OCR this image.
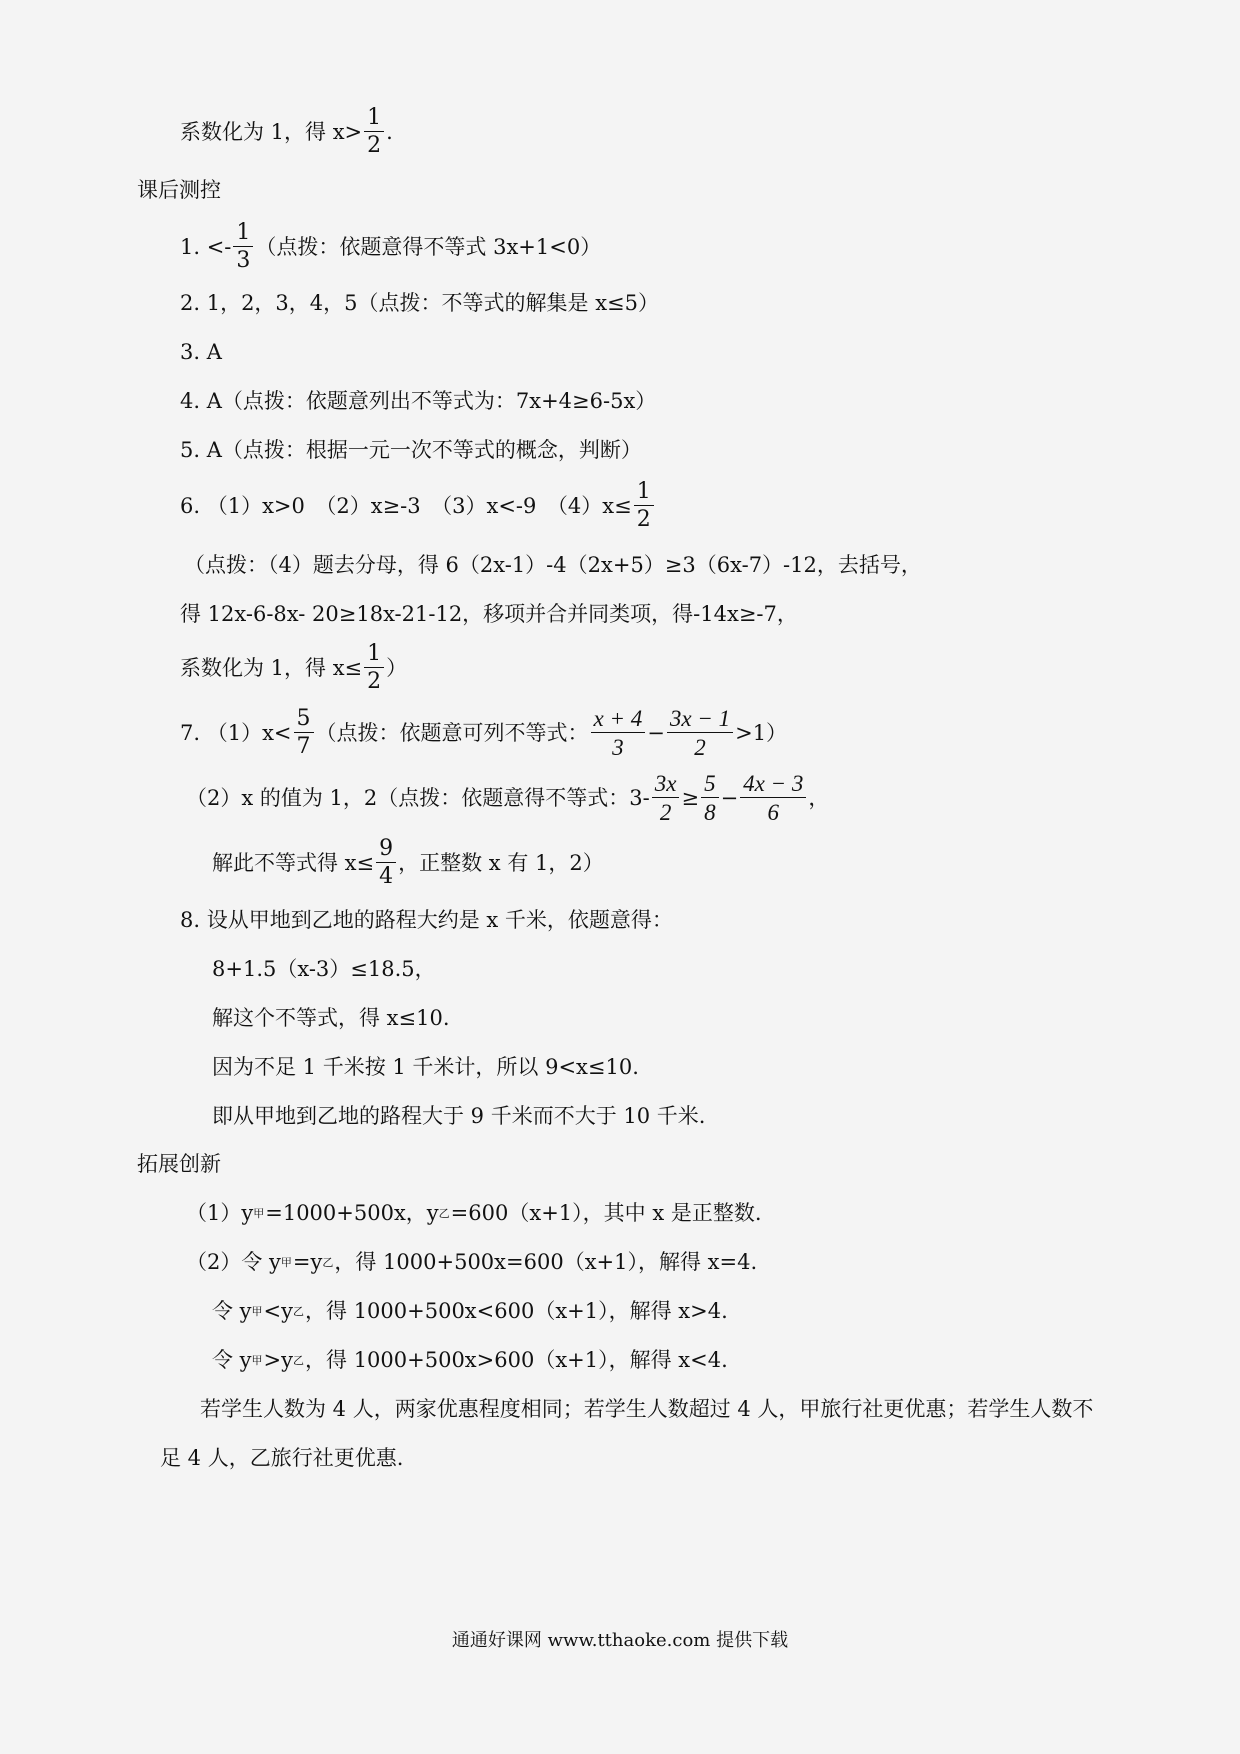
系数化为 1，得 $x> \frac{1}{2}$ .
课后测控
1. <- $\frac{1}{3}$ （点拨：依题意得不等式 3x+1<0）
2. 1，2，3，4，5（点拨：不等式的解集是 x≤5）
3. A
4. A（点拨：依题意列出不等式为：7x+4≥6-5x）
5. A（点拨：根据一元一次不等式的概念，判断）
6. （1）x>0　（2）x≥-3　（3）x<-9　$(4)x\le \frac{1}{2}$
（点拨：（4）题去分母，得 6（2x-1）-4（2x+5）≥3（6x-7）-12，去括号，
得 12x-6-8x- 20≥18x-21-12，移项并合并同类项，得-14x≥-7，
系数化为 1，得 $x\le \frac{1}{2}$ ）
7. $(1)x< \frac{5}{7}$ （点拨：依题意可列不等式： $\frac{x + 4}{3} - \frac{3x - 1}{2} >1$）
（2）x 的值为 1，2（点拨：依题意得不等式：$3- \frac{3x}{2} \ge \frac{5}{8} - \frac{4x - 3}{6}$ ，
解此不等式得 $x\le \frac{9}{4}$ ，正整数 x 有 1，2）
8. 设从甲地到乙地的路程大约是 x 千米，依题意得：
8+1.5（x-3）≤18.5，
解这个不等式，得 x≤10.
因为不足 1 千米按 1 千米计，所以 9<x≤10.
即从甲地到乙地的路程大于 9 千米而不大于 10 千米.
拓展创新
（1）y 甲 =1000+500x，y 乙 =600（x+1），其中 x 是正整数.
（2）令 y 甲 =y 乙 ，得 1000+500x=600（x+1），解得 x=4.
令 y 甲 <y 乙 ，得 1000+500x<600（x+1），解得 x>4.
令 y 甲 >y 乙 ，得 1000+500x>600（x+1），解得 x<4.
若学生人数为 4 人，两家优惠程度相同；若学生人数超过 4 人，甲旅行社更优惠；若学生人数不
足 4 人，乙旅行社更优惠.
通通好课网 www.tthaoke.com 提供下载
